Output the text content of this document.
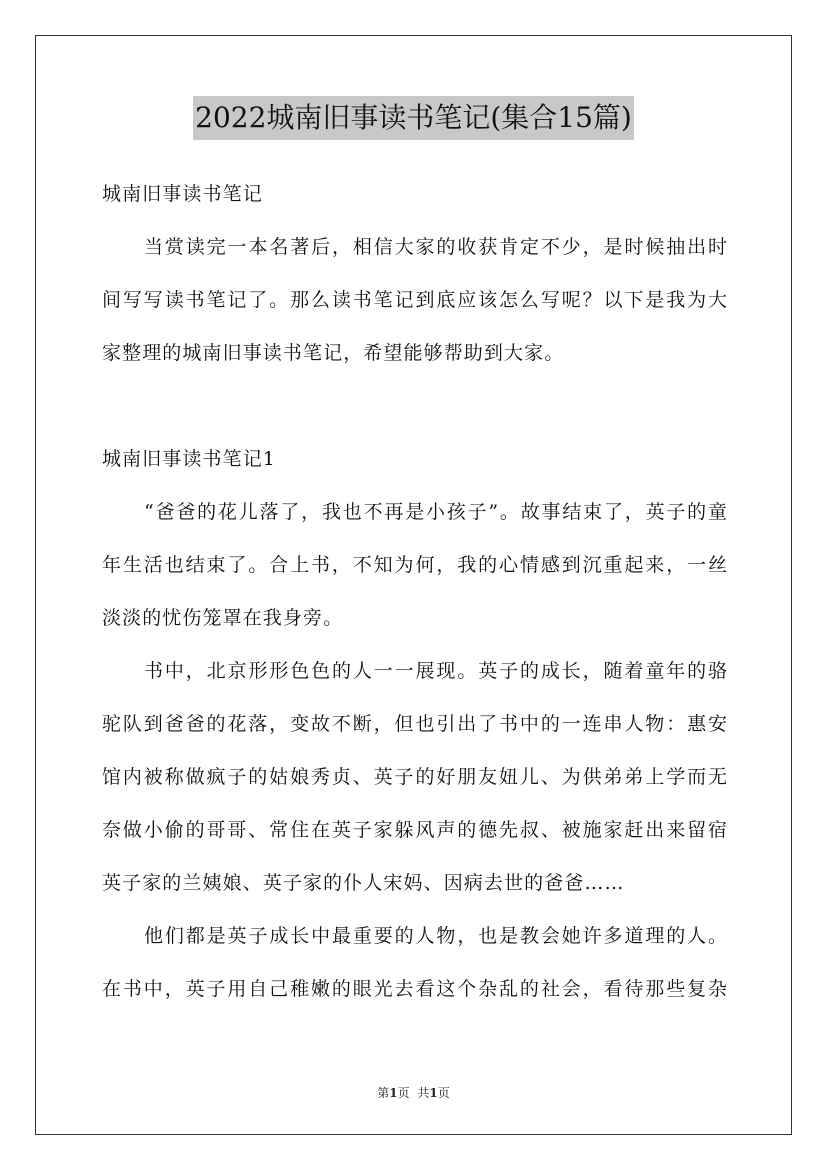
2022城南旧事读书笔记(集合15篇)
城南旧事读书笔记
当赏读完一本名著后，相信大家的收获肯定不少，是时候抽出时
间写写读书笔记了。那么读书笔记到底应该怎么写呢？以下是我为大
家整理的城南旧事读书笔记，希望能够帮助到大家。
城南旧事读书笔记1
“爸爸的花儿落了，我也不再是小孩子”。故事结束了，英子的童
年生活也结束了。合上书，不知为何，我的心情感到沉重起来，一丝
淡淡的忧伤笼罩在我身旁。
书中，北京形形色色的人一一展现。英子的成长，随着童年的骆
驼队到爸爸的花落，变故不断，但也引出了书中的一连串人物：惠安
馆内被称做疯子的姑娘秀贞、英子的好朋友妞儿、为供弟弟上学而无
奈做小偷的哥哥、常住在英子家躲风声的德先叔、被施家赶出来留宿
英子家的兰姨娘、英子家的仆人宋妈、因病去世的爸爸……
他们都是英子成长中最重要的人物，也是教会她许多道理的人。
在书中，英子用自己稚嫩的眼光去看这个杂乱的社会，看待那些复杂
第1页 共1页
